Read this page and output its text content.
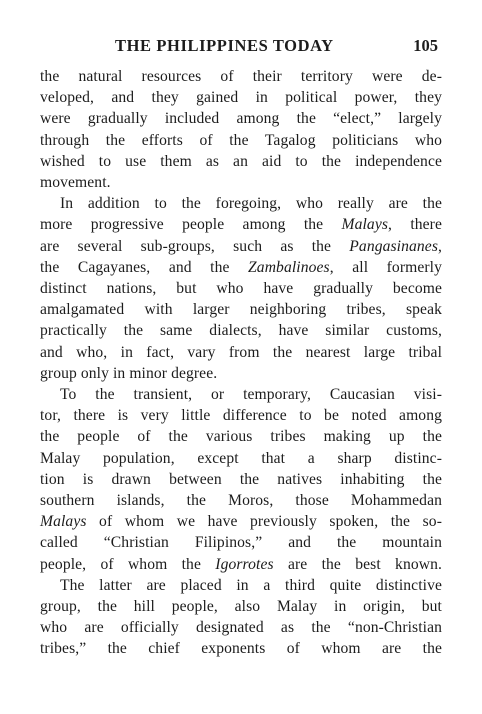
THE PHILIPPINES TODAY	105

the natural resources of their territory were de-
veloped, and they gained in political power, they
were gradually included among the “elect,” largely
through the efforts of the Tagalog politicians who
wished to use them as an aid to the independence
movement.

In addition to the foregoing, who really are the
more progressive people among the Malays, there
are several sub-groups, such as the Pangasinanes,
the Cagayanes, and the Zambalinoes, all formerly
distinct nations, but who have gradually become
amalgamated with larger neighboring tribes, speak
practically the same dialects, have similar customs,
and who, in fact, vary from the nearest large tribal
group only in minor degree.

To the transient, or temporary, Caucasian visi-
tor, there is very little difference to be noted among
the people of the various tribes making up the
Malay population, except that a sharp distinc-
tion is drawn between the natives inhabiting the
southern islands, the Moros, those Mohammedan
Malays of whom we have previously spoken, the so-
called “Christian Filipinos,” and the mountain
people, of whom the Igorrotes are the best known.

The latter are placed in a third quite distinctive
group, the hill people, also Malay in origin, but
who are officially designated as the “non-Christian
tribes,” the chief exponents of whom are the
